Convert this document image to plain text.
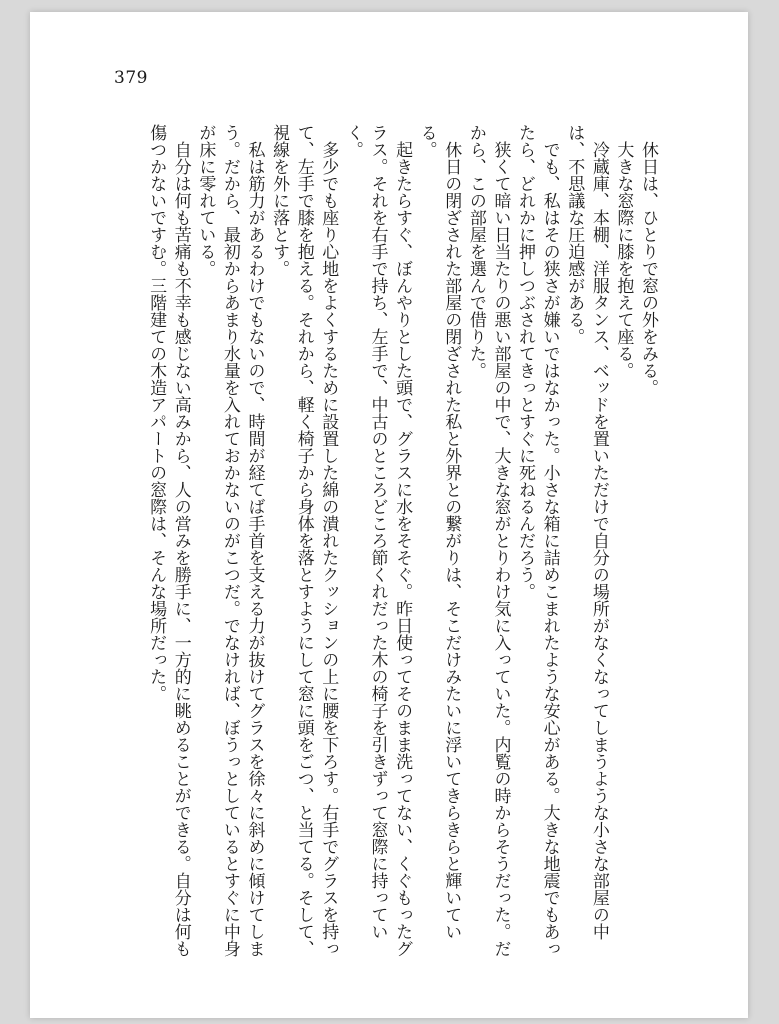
379

休日は、ひとりで窓の外をみる。

大きな窓際に膝を抱えて座る。

冷蔵庫、本棚、洋服タンス、ベッドを置いただけで自分の場所がなくなってしまうような小さな部屋の中は、不思議な圧迫感がある。

でも、私はその狭さが嫌いではなかった。小さな箱に詰めこまれたような安心がある。大きな地震でもあったら、どれかに押しつぶされてきっとすぐに死ねるんだろう。

狭くて暗い日当たりの悪い部屋の中で、大きな窓がとりわけ気に入っていた。内覧の時からそうだった。だから、この部屋を選んで借りた。

休日の閉ざされた部屋の閉ざされた私と外界との繋がりは、そこだけみたいに浮いてきらきらと輝いている。

起きたらすぐ、ぼんやりとした頭で、グラスに水をそそぐ。昨日使ってそのまま洗ってない、くぐもったグラス。それを右手で持ち、左手で、中古のところどころ節くれだった木の椅子を引きずって窓際に持っていく。

多少でも座り心地をよくするために設置した綿の潰れたクッションの上に腰を下ろす。右手でグラスを持って、左手で膝を抱える。それから、軽く椅子から身体を落とすようにして窓に頭をごつ、と当てる。そして、視線を外に落とす。

私は筋力があるわけでもないので、時間が経てば手首を支える力が抜けてグラスを徐々に斜めに傾けてしまう。だから、最初からあまり水量を入れておかないのがこつだ。でなければ、ぼうっとしているとすぐに中身が床に零れている。

自分は何も苦痛も不幸も感じない高みから、人の営みを勝手に、一方的に眺めることができる。自分は何も傷つかないですむ。三階建ての木造アパートの窓際は、そんな場所だった。
